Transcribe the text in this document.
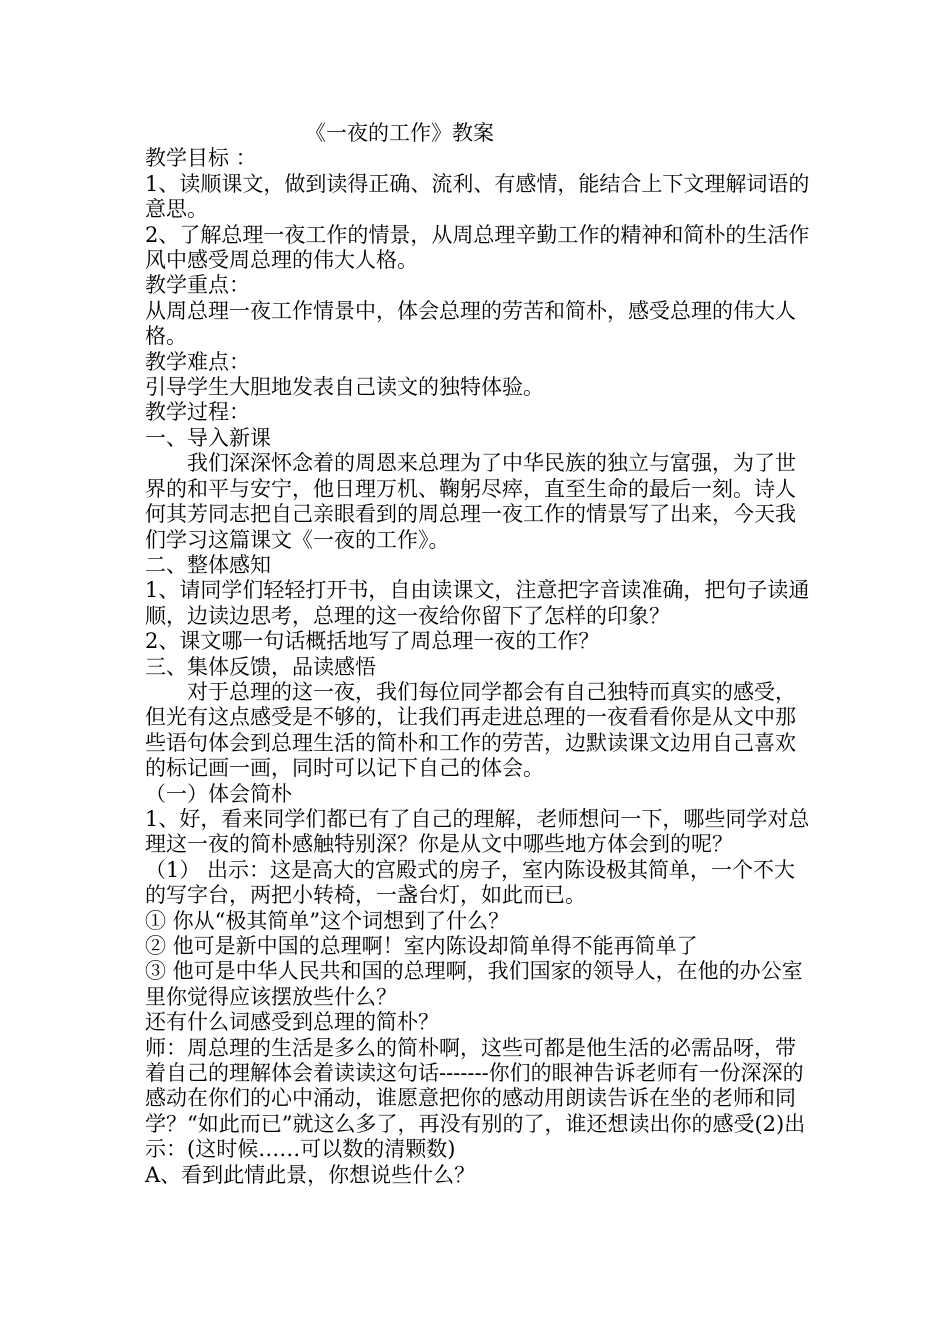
《一夜的工作》教案

教学目标 ：

1、读顺课文，做到读得正确、流利、有感情，能结合上下文理解词语的意思。

2、了解总理一夜工作的情景，从周总理辛勤工作的精神和简朴的生活作风中感受周总理的伟大人格。

教学重点：

从周总理一夜工作情景中，体会总理的劳苦和简朴，感受总理的伟大人格。

教学难点：

引导学生大胆地发表自己读文的独特体验。

教学过程：

一、导入新课

我们深深怀念着的周恩来总理为了中华民族的独立与富强，为了世界的和平与安宁，他日理万机、鞠躬尽瘁，直至生命的最后一刻。诗人何其芳同志把自己亲眼看到的周总理一夜工作的情景写了出来，今天我们学习这篇课文《一夜的工作》。

二、整体感知

1、请同学们轻轻打开书，自由读课文，注意把字音读准确，把句子读通顺，边读边思考，总理的这一夜给你留下了怎样的印象？

2、课文哪一句话概括地写了周总理一夜的工作？

三、集体反馈，品读感悟

对于总理的这一夜，我们每位同学都会有自己独特而真实的感受，但光有这点感受是不够的，让我们再走进总理的一夜看看你是从文中那些语句体会到总理生活的简朴和工作的劳苦，边默读课文边用自己喜欢的标记画一画，同时可以记下自己的体会。

（一）体会简朴

1、好，看来同学们都已有了自己的理解，老师想问一下，哪些同学对总理这一夜的简朴感触特别深？你是从文中哪些地方体会到的呢？

（1） 出示：这是高大的宫殿式的房子，室内陈设极其简单，一个不大的写字台，两把小转椅，一盏台灯，如此而已。

① 你从“极其简单”这个词想到了什么？

② 他可是新中国的总理啊！室内陈设却简单得不能再简单了

③ 他可是中华人民共和国的总理啊，我们国家的领导人，在他的办公室里你觉得应该摆放些什么？

还有什么词感受到总理的简朴？

师：周总理的生活是多么的简朴啊，这些可都是他生活的必需品呀，带着自己的理解体会着读读这句话-------你们的眼神告诉老师有一份深深的感动在你们的心中涌动，谁愿意把你的感动用朗读告诉在坐的老师和同学？“如此而已”就这么多了，再没有别的了，谁还想读出你的感受(2)出示：(这时候……可以数的清颗数)

A、看到此情此景，你想说些什么？
